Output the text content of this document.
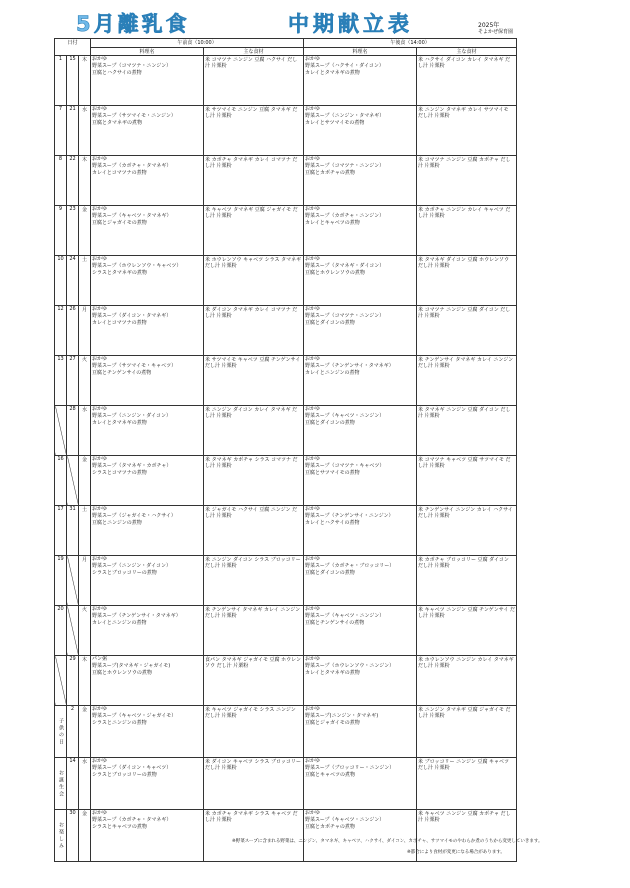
5月離乳食	中期献立表	2025年
そよかぜ保育園
日付			午前食（10:00）		午後食（14:00）	
			料理名	主な食材	料理名	主な食材
1	15	木	おかゆ
野菜スープ（コマツナ・ニンジン）
豆腐とハクサイの煮物	米 コマツナ ニンジン 豆腐 ハクサイ だし汁 片栗粉	おかゆ
野菜スープ（ハクサイ・ダイコン）
カレイとタマネギの煮物	米 ハクサイ ダイコン カレイ タマネギ だし汁 片栗粉

7	21	水	おかゆ
野菜スープ（サツマイモ・ニンジン）
豆腐とタマネギの煮物	米 サツマイモ ニンジン 豆腐 タマネギ だし汁 片栗粉	おかゆ
野菜スープ（ニンジン・タマネギ）
カレイとサツマイモの煮物	米 ニンジン タマネギ カレイ サツマイモ だし汁 片栗粉

8	22	木	おかゆ
野菜スープ（カボチャ・タマネギ）
カレイとコマツナの煮物	米 カボチャ タマネギ カレイ コマツナ だし汁 片栗粉	おかゆ
野菜スープ（コマツナ・ニンジン）
豆腐とカボチャの煮物	米 コマツナ ニンジン 豆腐 カボチャ だし汁 片栗粉

9	23	金	おかゆ
野菜スープ（キャベツ・タマネギ）
豆腐とジャガイモの煮物	米 キャベツ タマネギ 豆腐 ジャガイモ だし汁 片栗粉	おかゆ
野菜スープ（カボチャ・ニンジン）
カレイとキャベツの煮物	米 カボチャ ニンジン カレイ キャベツ だし汁 片栗粉

10	24	土	おかゆ
野菜スープ（ホウレンソウ・キャベツ）
シラスとタマネギの煮物	米 ホウレンソウ キャベツ シラス タマネギ だし汁 片栗粉	おかゆ
野菜スープ（タマネギ・ダイコン）
豆腐とホウレンソウの煮物	米 タマネギ ダイコン 豆腐 ホウレンソウ だし汁 片栗粉

12	26	月	おかゆ
野菜スープ（ダイコン・タマネギ）
カレイとコマツナの煮物	米 ダイコン タマネギ カレイ コマツナ だし汁 片栗粉	おかゆ
野菜スープ（コマツナ・ニンジン）
豆腐とダイコンの煮物	米 コマツナ ニンジン 豆腐 ダイコン だし汁 片栗粉

13	27	火	おかゆ
野菜スープ（サツマイモ・キャベツ）
豆腐とチンゲンサイの煮物	米 サツマイモ キャベツ 豆腐 チンゲンサイ だし汁 片栗粉	おかゆ
野菜スープ（チンゲンサイ・タマネギ）
カレイとニンジンの煮物	米 チンゲンサイ タマネギ カレイ ニンジン だし汁 片栗粉

	28	水	おかゆ
野菜スープ（ニンジン・ダイコン）
カレイとタマネギの煮物	米 ニンジン ダイコン カレイ タマネギ だし汁 片栗粉	おかゆ
野菜スープ（キャベツ・ニンジン）
豆腐とダイコンの煮物	米 タマネギ ニンジン 豆腐 ダイコン だし汁 片栗粉

16		金	おかゆ
野菜スープ（タマネギ・カボチャ）
シラスとコマツナの煮物	米 タマネギ カボチャ シラス コマツナ だし汁 片栗粉	おかゆ
野菜スープ（コマツナ・キャベツ）
豆腐とサツマイモの煮物	米 コマツナ キャベツ 豆腐 サツマイモ だし汁 片栗粉

17	31	土	おかゆ
野菜スープ（ジャガイモ・ハクサイ）
豆腐とニンジンの煮物	米 ジャガイモ ハクサイ 豆腐 ニンジン だし汁 片栗粉	おかゆ
野菜スープ（チンゲンサイ・ニンジン）
カレイとハクサイの煮物	米 チンゲンサイ ニンジン カレイ ハクサイ だし汁 片栗粉

19		月	おかゆ
野菜スープ（ニンジン・ダイコン）
シラスとブロッコリーの煮物	米 ニンジン ダイコン シラス ブロッコリー だし汁 片栗粉	おかゆ
野菜スープ（カボチャ・ブロッコリー）
豆腐とダイコンの煮物	米 カボチャ ブロッコリー 豆腐 ダイコン だし汁 片栗粉

20		火	おかゆ
野菜スープ（チンゲンサイ・タマネギ）
カレイとニンジンの煮物	米 チンゲンサイ タマネギ カレイ ニンジン だし汁 片栗粉	おかゆ
野菜スープ（キャベツ・ニンジン）
豆腐とチンゲンサイの煮物	米 キャベツ ニンジン 豆腐 チンゲンサイ だし汁 片栗粉

	29	木	パン粥
野菜スープ(タマネギ・ジャガイモ)
豆腐とホウレンソウの煮物	食パン タマネギ ジャガイモ 豆腐 ホウレンソウ だし汁 片栗粉	おかゆ
野菜スープ（ホウレンソウ・ニンジン）
カレイとタマネギの煮物	米 ホウレンソウ ニンジン カレイ タマネギ だし汁 片栗粉

子供の日	2	金	おかゆ
野菜スープ（キャベツ・ジャガイモ）
シラスとニンジンの煮物	米 キャベツ ジャガイモ シラス ニンジン だし汁 片栗粉	おかゆ
野菜スープ(ニンジン・タマネギ)
豆腐とジャガイモの煮物	米 ニンジン タマネギ 豆腐 ジャガイモ だし汁 片栗粉

お誕生会	14	水	おかゆ
野菜スープ（ダイコン・キャベツ）
シラスとブロッコリーの煮物	米 ダイコン キャベツ シラス ブロッコリー だし汁 片栗粉	おかゆ
野菜スープ（ブロッコリー・ニンジン）
豆腐とキャベツの煮物	米 ブロッコリー ニンジン 豆腐 キャベツ だし汁 片栗粉

お楽しみ	30	金	おかゆ
野菜スープ（カボチャ・タマネギ）
シラスとキャベツの煮物	米 カボチャ タマネギ シラス キャベツ だし汁 片栗粉	おかゆ
野菜スープ（キャベツ・ニンジン）
豆腐とカボチャの煮物	米 キャベツ ニンジン 豆腐 カボチャ だし汁 片栗粉
※野菜スープに含まれる野菜は、ニンジン、タマネギ、キャベツ、ハクサイ、ダイコン、カボチャ、サツマイモのやわらか煮のうちから変更していきます。
※都合により食材が変更になる場合があります。
